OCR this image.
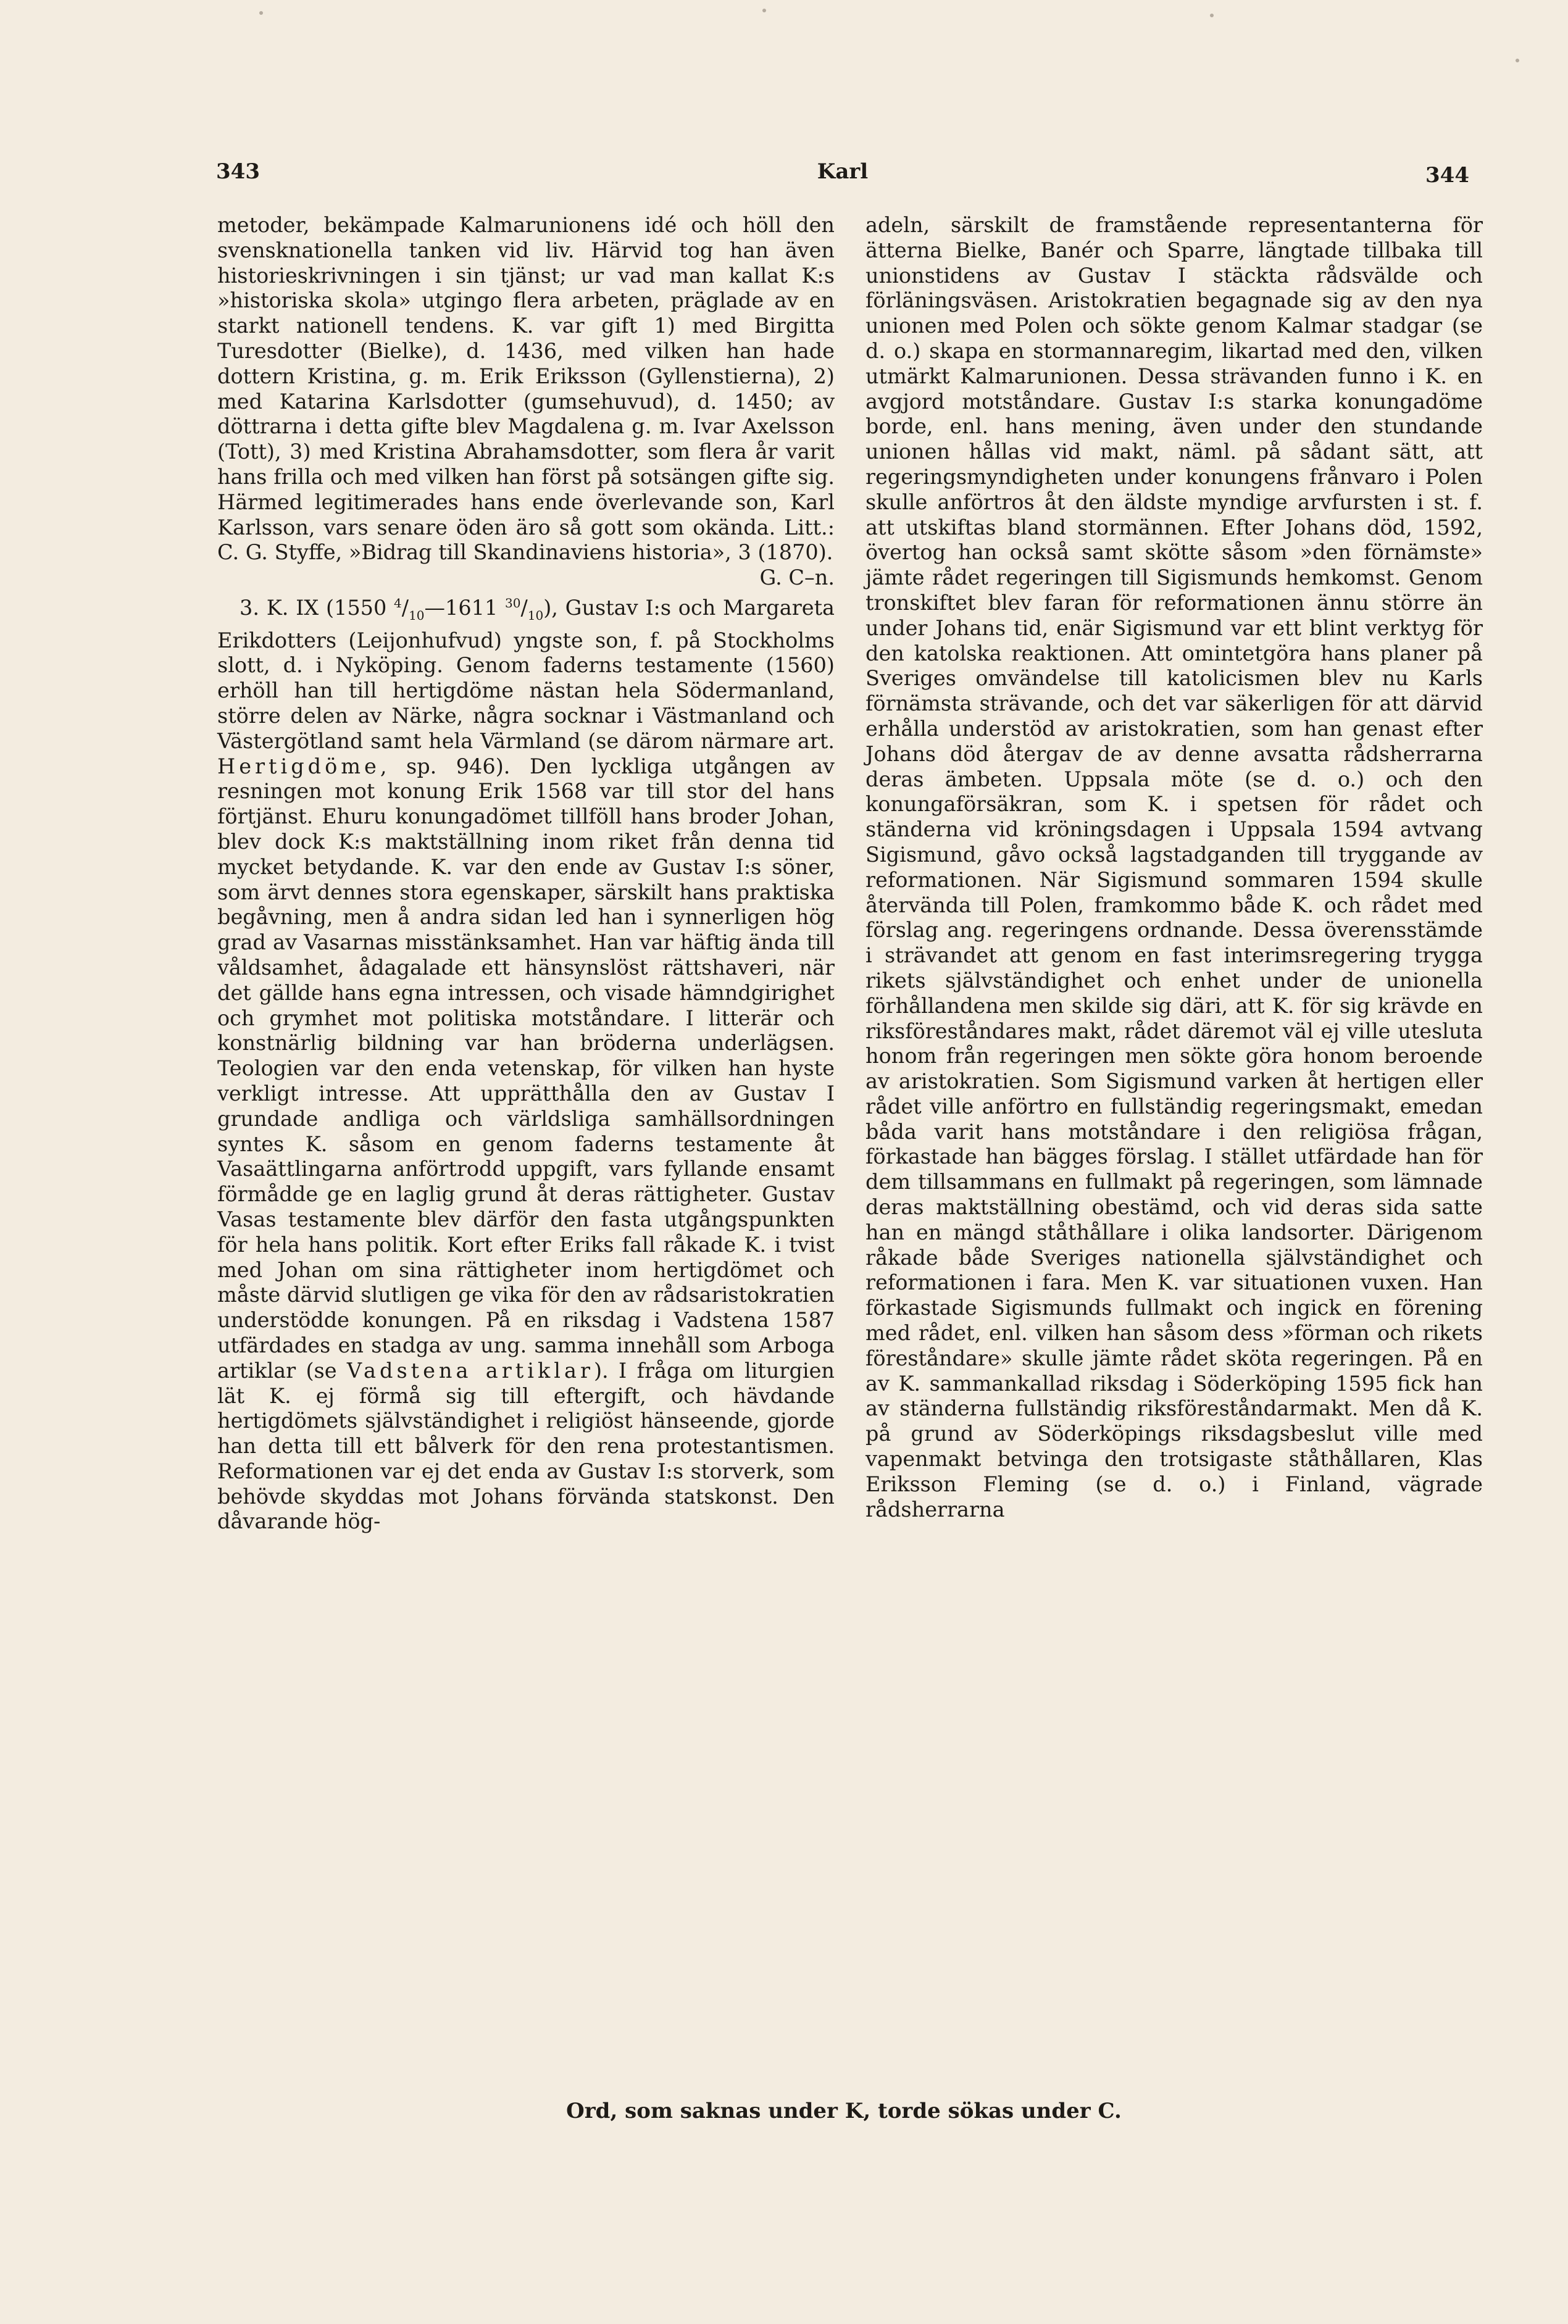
343	Karl	344

metoder, bekämpade Kalmarunionens idé och höll den svensknationella tanken vid liv. Härvid tog han även historieskrivningen i sin tjänst; ur vad man kallat K:s »historiska skola» utgingo flera arbeten, präglade av en starkt nationell tendens. K. var gift 1) med Birgitta Turesdotter (Bielke), d. 1436, med vilken han hade dottern Kristina, g. m. Erik Eriksson (Gyllenstierna), 2) med Katarina Karlsdotter (gumsehuvud), d. 1450; av döttrarna i detta gifte blev Magdalena g. m. Ivar Axelsson (Tott), 3) med Kristina Abrahamsdotter, som flera år varit hans frilla och med vilken han först på sotsängen gifte sig. Härmed legitimerades hans ende överlevande son, Karl Karlsson, vars senare öden äro så gott som okända. Litt.: C. G. Styffe, »Bidrag till Skandinaviens historia», 3 (1870).

G. C–n.

3. K. IX (1550 $^4/_{10}—1611$ $^{30}/_{10}$), Gustav I:s och Margareta Erikdotters (Leijonhufvud) yngste son, f. på Stockholms slott, d. i Nyköping. Genom faderns testamente (1560) erhöll han till hertigdöme nästan hela Södermanland, större delen av Närke, några socknar i Västmanland och Västergötland samt hela Värmland (se därom närmare art. Hertigdöme, sp. 946). Den lyckliga utgången av resningen mot konung Erik 1568 var till stor del hans förtjänst. Ehuru konungadömet tillföll hans broder Johan, blev dock K:s maktställning inom riket från denna tid mycket betydande. K. var den ende av Gustav I:s söner, som ärvt dennes stora egenskaper, särskilt hans praktiska begåvning, men å andra sidan led han i synnerligen hög grad av Vasarnas misstänksamhet. Han var häftig ända till våldsamhet, ådagalade ett hänsynslöst rättshaveri, när det gällde hans egna intressen, och visade hämndgirighet och grymhet mot politiska motståndare. I litterär och konstnärlig bildning var han bröderna underlägsen. Teologien var den enda vetenskap, för vilken han hyste verkligt intresse. Att upprätthålla den av Gustav I grundade andliga och världsliga samhällsordningen syntes K. såsom en genom faderns testamente åt Vasaättlingarna anförtrodd uppgift, vars fyllande ensamt förmådde ge en laglig grund åt deras rättigheter. Gustav Vasas testamente blev därför den fasta utgångspunkten för hela hans politik. Kort efter Eriks fall råkade K. i tvist med Johan om sina rättigheter inom hertigdömet och måste därvid slutligen ge vika för den av rådsaristokratien understödde konungen. På en riksdag i Vadstena 1587 utfärdades en stadga av ung. samma innehåll som Arboga artiklar (se Vadstena artiklar). I fråga om liturgien lät K. ej förmå sig till eftergift, och hävdande hertigdömets självständighet i religiöst hänseende, gjorde han detta till ett bålverk för den rena protestantismen. Reformationen var ej det enda av Gustav I:s storverk, som behövde skyddas mot Johans förvända statskonst. Den dåvarande hög-

adeln, särskilt de framstående representanterna för ätterna Bielke, Banér och Sparre, längtade tillbaka till unionstidens av Gustav I stäckta rådsvälde och förläningsväsen. Aristokratien begagnade sig av den nya unionen med Polen och sökte genom Kalmar stadgar (se d. o.) skapa en stormannaregim, likartad med den, vilken utmärkt Kalmarunionen. Dessa strävanden funno i K. en avgjord motståndare. Gustav I:s starka konungadöme borde, enl. hans mening, även under den stundande unionen hållas vid makt, näml. på sådant sätt, att regeringsmyndigheten under konungens frånvaro i Polen skulle anförtros åt den äldste myndige arvfursten i st. f. att utskiftas bland stormännen. Efter Johans död, 1592, övertog han också samt skötte såsom »den förnämste» jämte rådet regeringen till Sigismunds hemkomst. Genom tronskiftet blev faran för reformationen ännu större än under Johans tid, enär Sigismund var ett blint verktyg för den katolska reaktionen. Att omintetgöra hans planer på Sveriges omvändelse till katolicismen blev nu Karls förnämsta strävande, och det var säkerligen för att därvid erhålla understöd av aristokratien, som han genast efter Johans död återgav de av denne avsatta rådsherrarna deras ämbeten. Uppsala möte (se d. o.) och den konungaförsäkran, som K. i spetsen för rådet och ständerna vid kröningsdagen i Uppsala 1594 avtvang Sigismund, gåvo också lagstadganden till tryggande av reformationen. När Sigismund sommaren 1594 skulle återvända till Polen, framkommo både K. och rådet med förslag ang. regeringens ordnande. Dessa överensstämde i strävandet att genom en fast interimsregering trygga rikets självständighet och enhet under de unionella förhållandena men skilde sig däri, att K. för sig krävde en riksföreståndares makt, rådet däremot väl ej ville utesluta honom från regeringen men sökte göra honom beroende av aristokratien. Som Sigismund varken åt hertigen eller rådet ville anförtro en fullständig regeringsmakt, emedan båda varit hans motståndare i den religiösa frågan, förkastade han bägges förslag. I stället utfärdade han för dem tillsammans en fullmakt på regeringen, som lämnade deras maktställning obestämd, och vid deras sida satte han en mängd ståthållare i olika landsorter. Därigenom råkade både Sveriges nationella självständighet och reformationen i fara. Men K. var situationen vuxen. Han förkastade Sigismunds fullmakt och ingick en förening med rådet, enl. vilken han såsom dess »förman och rikets föreståndare» skulle jämte rådet sköta regeringen. På en av K. sammankallad riksdag i Söderköping 1595 fick han av ständerna fullständig riksföreståndarmakt. Men då K. på grund av Söderköpings riksdagsbeslut ville med vapenmakt betvinga den trotsigaste ståthållaren, Klas Eriksson Fleming (se d. o.) i Finland, vägrade rådsherrarna

Ord, som saknas under K, torde sökas under C.
